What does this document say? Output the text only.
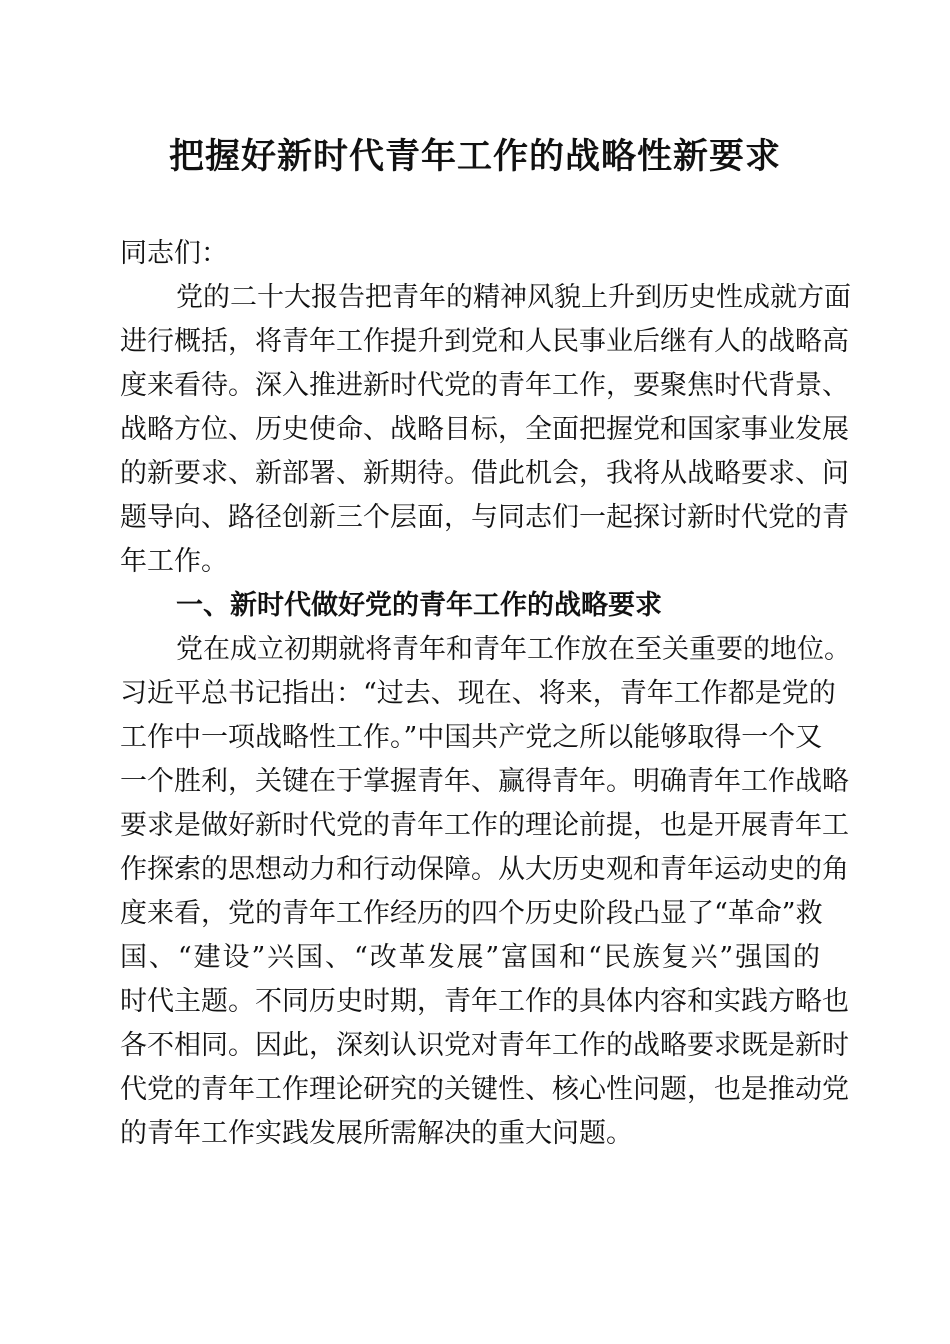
把握好新时代青年工作的战略性新要求
同志们：
党的二十大报告把青年的精神风貌上升到历史性成就方面
进行概括，将青年工作提升到党和人民事业后继有人的战略高
度来看待。深入推进新时代党的青年工作，要聚焦时代背景、
战略方位、历史使命、战略目标，全面把握党和国家事业发展
的新要求、新部署、新期待。借此机会，我将从战略要求、问
题导向、路径创新三个层面，与同志们一起探讨新时代党的青
年工作。
一、新时代做好党的青年工作的战略要求
党在成立初期就将青年和青年工作放在至关重要的地位。
习近平总书记指出：“过去、现在、将来，青年工作都是党的
工作中一项战略性工作。”中国共产党之所以能够取得一个又
一个胜利，关键在于掌握青年、赢得青年。明确青年工作战略
要求是做好新时代党的青年工作的理论前提，也是开展青年工
作探索的思想动力和行动保障。从大历史观和青年运动史的角
度来看，党的青年工作经历的四个历史阶段凸显了“革命”救
国、“建设”兴国、“改革发展”富国和“民族复兴”强国的
时代主题。不同历史时期，青年工作的具体内容和实践方略也
各不相同。因此，深刻认识党对青年工作的战略要求既是新时
代党的青年工作理论研究的关键性、核心性问题，也是推动党
的青年工作实践发展所需解决的重大问题。
